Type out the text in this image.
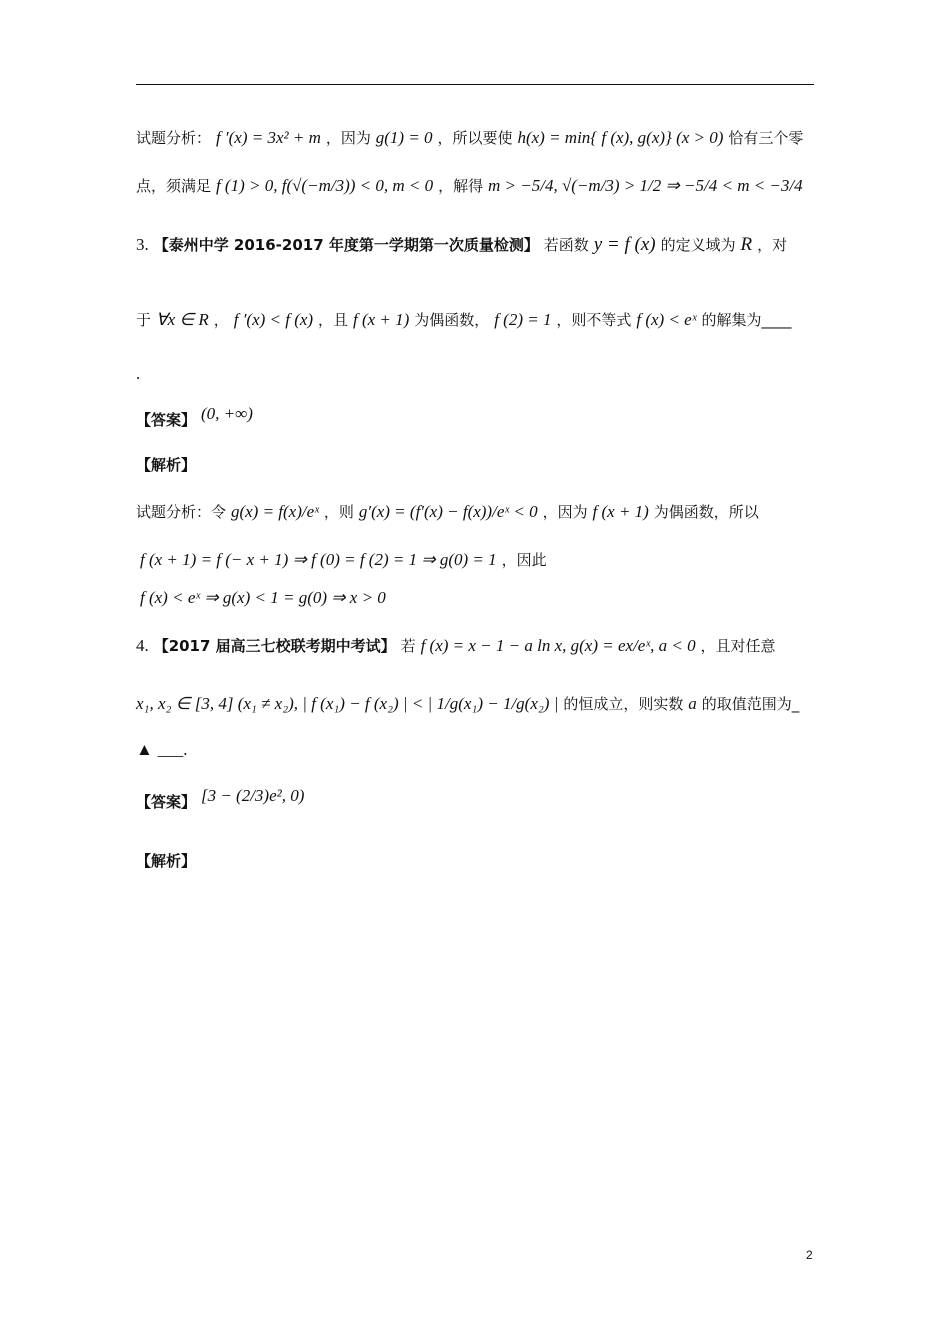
试题分析： f ′(x) = 3x² + m ，因为 g(1) = 0 ，所以要使 h(x) = min{ f (x), g(x)} (x > 0) 恰有三个零
点，须满足 f (1) > 0, f(√(−m/3)) < 0, m < 0 ，解得 m > −5/4, √(−m/3) > 1/2 ⇒ −5/4 < m < −3/4
3. 【泰州中学 2016-2017 年度第一学期第一次质量检测】 若函数 y = f (x) 的定义域为 R ，对
于 ∀x ∈ R ， f ′(x) < f (x) ，且 f (x + 1) 为偶函数， f (2) = 1 ，则不等式 f (x) < eˣ 的解集为____
.
【答案】 (0, +∞)
【解析】
试题分析：令 g(x) = f(x)/eˣ ，则 g′(x) = (f′(x) − f(x))/eˣ < 0 ，因为 f (x + 1) 为偶函数，所以
f (x + 1) = f (− x + 1) ⇒ f (0) = f (2) = 1 ⇒ g(0) = 1 ，因此
f (x) < eˣ ⇒ g(x) < 1 = g(0) ⇒ x > 0
4. 【2017 届高三七校联考期中考试】 若 f (x) = x − 1 − a ln x, g(x) = ex/eˣ, a < 0 ，且对任意
x₁, x₂ ∈ [3, 4] (x₁ ≠ x₂), | f (x₁) − f (x₂) | < | 1/g(x₁) − 1/g(x₂) | 的恒成立，则实数 a 的取值范围为_
▲ ___.
【答案】 [3 − (2/3)e², 0)
【解析】
2
